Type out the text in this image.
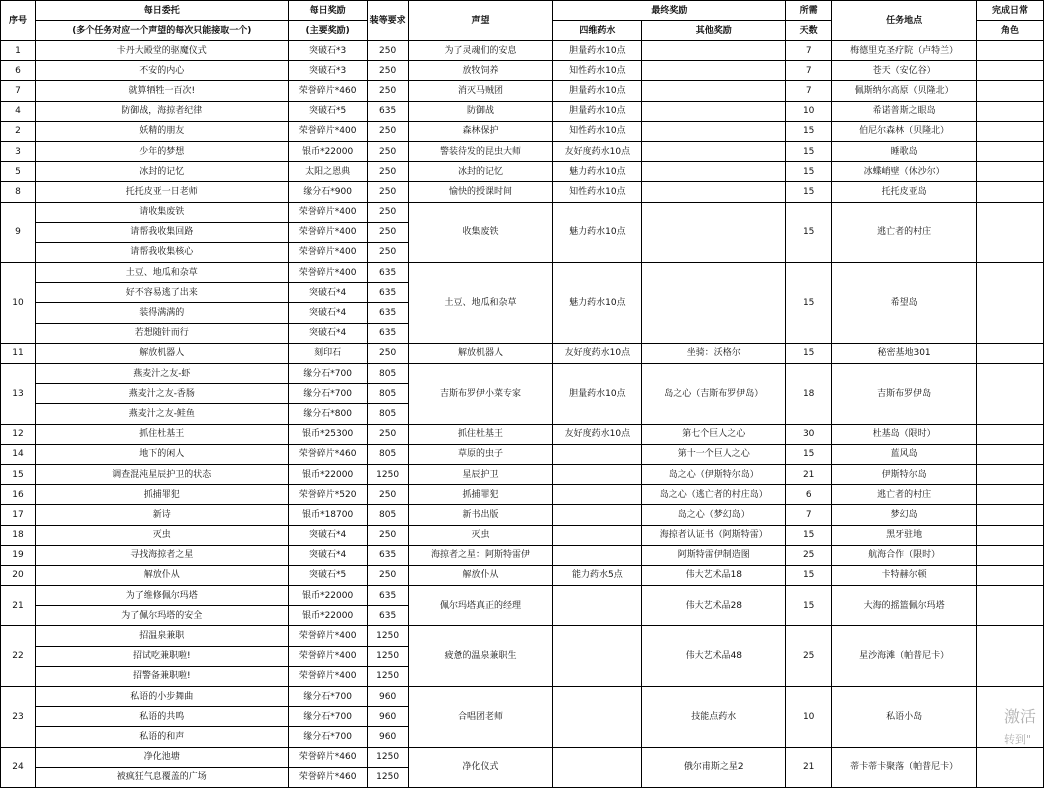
序号	每日委托	每日奖励	装等要求	声望	最终奖励		所需	任务地点	完成日常
	(多个任务对应一个声望的每次只能接取一个)	(主要奖励)			四维药水	其他奖励	天数		角色
1	卡丹大殿堂的驱魔仪式	突破石*3	250	为了灵魂们的安息	胆量药水10点		7	梅德里克圣疗院（卢特兰）	
6	不安的内心	突破石*3	250	放牧饲养	知性药水10点		7	苍天（安亿谷）	
7	就算牺牲一百次!	荣誉碎片*460	250	消灭马贼团	胆量药水10点		7	佩斯纳尔高原（贝隆北）	
4	防御战，海掠者纪律	突破石*5	635	防御战	胆量药水10点		10	希诺普斯之眼岛	
2	妖精的朋友	荣誉碎片*400	250	森林保护	知性药水10点		15	伯尼尔森林（贝隆北）	
3	少年的梦想	银币*22000	250	警装待发的昆虫大师	友好度药水10点		15	睡歌岛	
5	冰封的记忆	太阳之恩典	250	冰封的记忆	魅力药水10点		15	冰蝶峭壁（休沙尔）	
8	托托皮亚一日老师	缘分石*900	250	愉快的授课时间	知性药水10点		15	托托皮亚岛	
9	请收集废铁	荣誉碎片*400	250	收集废铁	魅力药水10点		15	逃亡者的村庄	
	请帮我收集回路	荣誉碎片*400	250						
	请帮我收集核心	荣誉碎片*400	250						
10	土豆、地瓜和杂草	荣誉碎片*400	635	土豆、地瓜和杂草	魅力药水10点		15	希望岛	
	好不容易逃了出来	突破石*4	635						
	装得满满的	突破石*4	635						
	若想随针而行	突破石*4	635						
11	解放机器人	刻印石	250	解放机器人	友好度药水10点	坐骑：沃格尔	15	秘密基地301	
13	燕麦汁之友-虾	缘分石*700	805	吉斯布罗伊小菜专家	胆量药水10点	岛之心（吉斯布罗伊岛）	18	吉斯布罗伊岛	
	燕麦汁之友-香肠	缘分石*700	805						
	燕麦汁之友-鲑鱼	缘分石*800	805						
12	抓住杜基王	银币*25300	250	抓住杜基王	友好度药水10点	第七个巨人之心	30	杜基岛（限时）	
14	地下的闲人	荣誉碎片*460	805	草原的虫子		第十一个巨人之心	15	蓝风岛	
15	调查混沌星辰护卫的状态	银币*22000	1250	星辰护卫		岛之心（伊斯特尔岛）	21	伊斯特尔岛	
16	抓捕罪犯	荣誉碎片*520	250	抓捕罪犯		岛之心（逃亡者的村庄岛）	6	逃亡者的村庄	
17	新诗	银币*18700	805	新书出版		岛之心（梦幻岛）	7	梦幻岛	
18	灭虫	突破石*4	250	灭虫		海掠者认证书（阿斯特雷）	15	黑牙驻地	
19	寻找海掠者之星	突破石*4	635	海掠者之星：阿斯特雷伊		阿斯特雷伊制造图	25	航海合作（限时）	
20	解放仆从	突破石*5	250	解放仆从	能力药水5点	伟大艺术品18	15	卡特赫尔顿	
21	为了维修佩尔玛塔	银币*22000	635	佩尔玛塔真正的经理		伟大艺术品28	15	大海的摇篮佩尔玛塔	
	为了佩尔玛塔的安全	银币*22000	635						
22	招温泉兼职	荣誉碎片*400	1250	疲惫的温泉兼职生		伟大艺术品48	25	星沙海滩（帕普尼卡）	
	招试吃兼职啦!	荣誉碎片*400	1250						
	招警备兼职啦!	荣誉碎片*400	1250						
23	私语的小步舞曲	缘分石*700	960	合唱团老师		技能点药水	10	私语小岛	
	私语的共鸣	缘分石*700	960						
	私语的和声	缘分石*700	960						
24	净化池塘	荣誉碎片*460	1250	净化仪式		俄尔甫斯之星2	21	蒂卡蒂卡聚落（帕普尼卡）	
	被疯狂气息覆盖的广场	荣誉碎片*460	1250						
激活
转到"
